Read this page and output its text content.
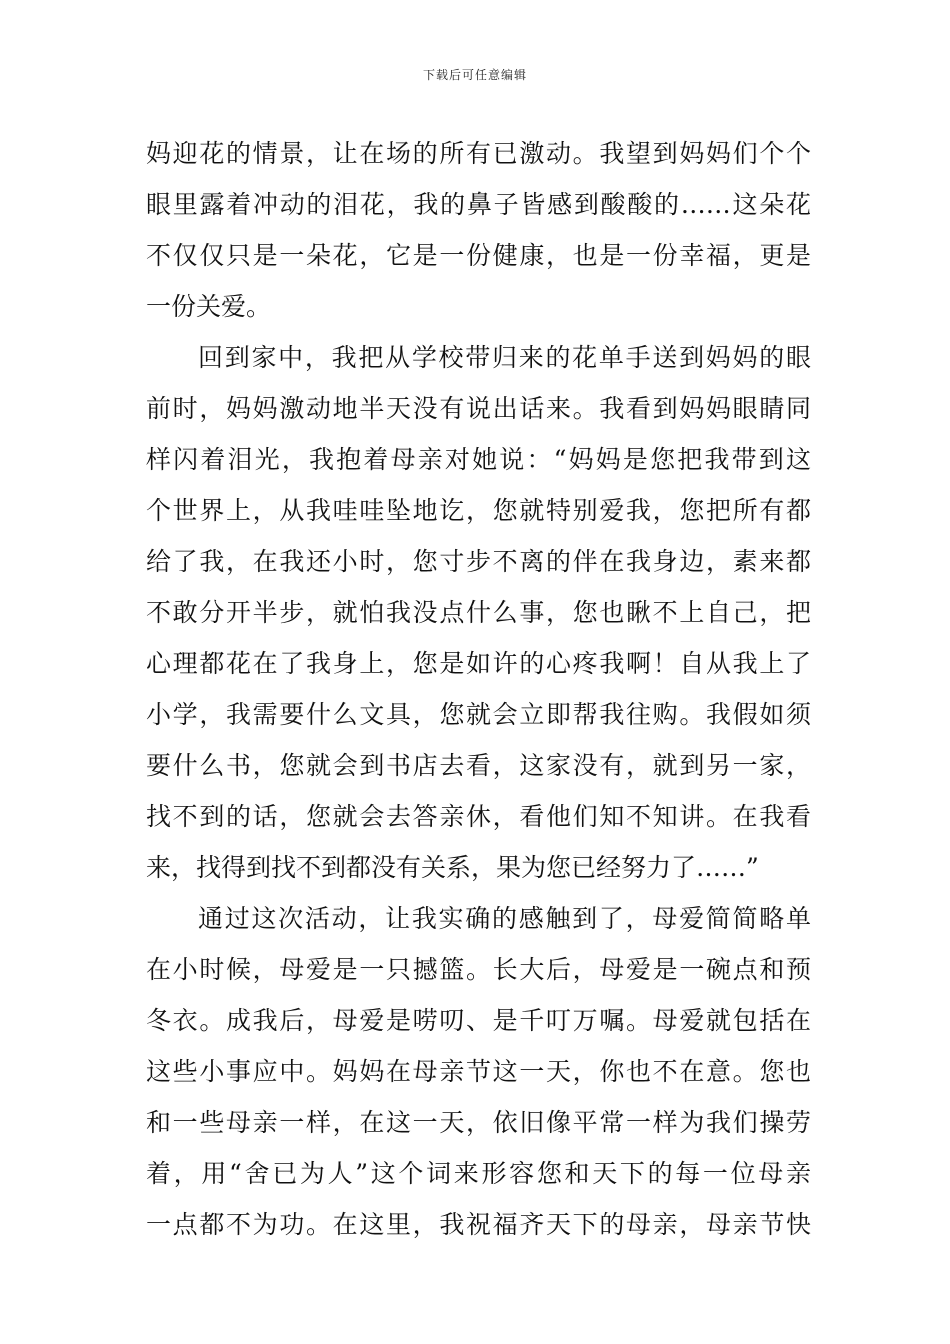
下载后可任意编辑
妈迎花的情景，让在场的所有已激动。我望到妈妈们个个
眼里露着冲动的泪花，我的鼻子皆感到酸酸的……这朵花
不仅仅只是一朵花，它是一份健康，也是一份幸福，更是
一份关爱。
回到家中，我把从学校带归来的花单手送到妈妈的眼
前时，妈妈激动地半天没有说出话来。我看到妈妈眼睛同
样闪着泪光，我抱着母亲对她说：“妈妈是您把我带到这
个世界上，从我哇哇坠地讫，您就特别爱我，您把所有都
给了我，在我还小时，您寸步不离的伴在我身边，素来都
不敢分开半步，就怕我没点什么事，您也瞅不上自己，把
心理都花在了我身上，您是如许的心疼我啊！自从我上了
小学，我需要什么文具，您就会立即帮我往购。我假如须
要什么书，您就会到书店去看，这家没有，就到另一家，
找不到的话，您就会去答亲休，看他们知不知讲。在我看
来，找得到找不到都没有关系，果为您已经努力了……”
通过这次活动，让我实确的感触到了，母爱简简略单
在小时候，母爱是一只撼篮。长大后，母爱是一碗点和预
冬衣。成我后，母爱是唠叨、是千叮万嘱。母爱就包括在
这些小事应中。妈妈在母亲节这一天，你也不在意。您也
和一些母亲一样，在这一天，依旧像平常一样为我们操劳
着，用“舍已为人”这个词来形容您和天下的每一位母亲
一点都不为功。在这里，我祝福齐天下的母亲，母亲节快
